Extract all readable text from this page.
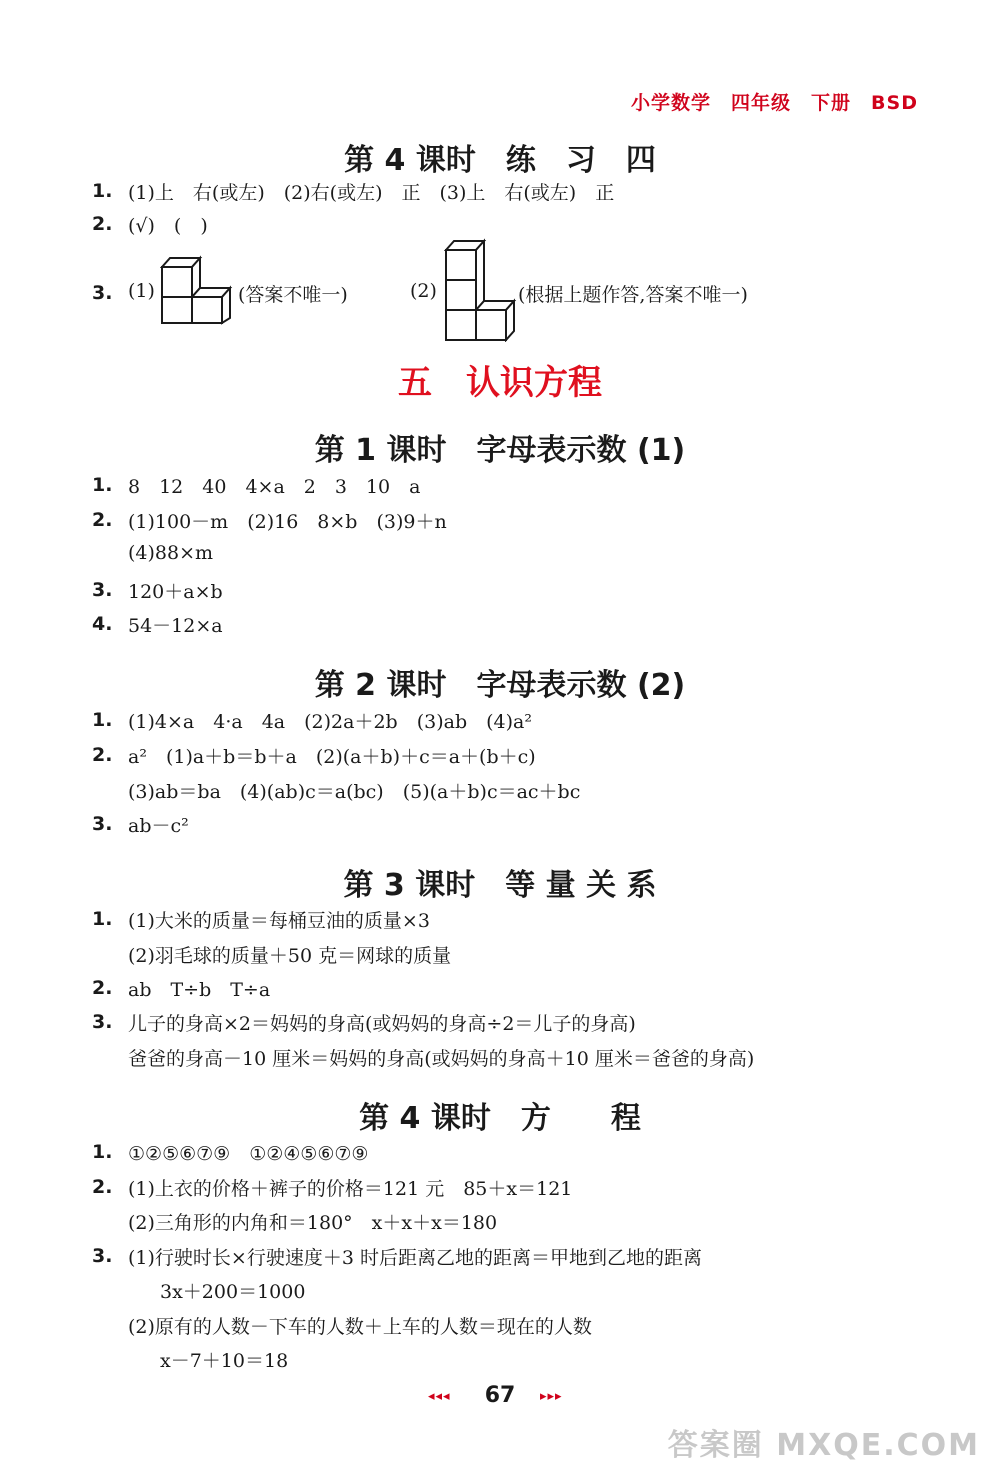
小学数学　四年级　下册　BSD
第 4 课时　练　习　四
1. (1)上　右(或左)　(2)右(或左)　正　(3)上　右(或左)　正
2. (√)　(　)
3. (1)	(答案不唯一)	(2)	(根据上题作答,答案不唯一)
五　认识方程
第 1 课时　字母表示数 (1)
1. 8　12　40　4×a　2　3　10　a
2. (1)100－m　(2)16　8×b　(3)9＋n
(4)88×m
3. 120＋a×b
4. 54－12×a
第 2 课时　字母表示数 (2)
1. (1)4×a　4·a　4a　(2)2a＋2b　(3)ab　(4)a²
2. a²　(1)a＋b＝b＋a　(2)(a＋b)＋c＝a＋(b＋c)
(3)ab＝ba　(4)(ab)c＝a(bc)　(5)(a＋b)c＝ac＋bc
3. ab－c²
第 3 课时　等 量 关 系
1. (1)大米的质量＝每桶豆油的质量×3
(2)羽毛球的质量＋50 克＝网球的质量
2. ab　T÷b　T÷a
3. 儿子的身高×2＝妈妈的身高(或妈妈的身高÷2＝儿子的身高)
爸爸的身高－10 厘米＝妈妈的身高(或妈妈的身高＋10 厘米＝爸爸的身高)
第 4 课时　方　　程
1. ①②⑤⑥⑦⑨　①②④⑤⑥⑦⑨
2. (1)上衣的价格＋裤子的价格＝121 元　85＋x＝121
(2)三角形的内角和＝180°　x＋x＋x＝180
3. (1)行驶时长×行驶速度＋3 时后距离乙地的距离＝甲地到乙地的距离
3x＋200＝1000
(2)原有的人数－下车的人数＋上车的人数＝现在的人数
x－7＋10＝18
◂◂◂	67	▸▸▸
答案圈 MXQE.COM
